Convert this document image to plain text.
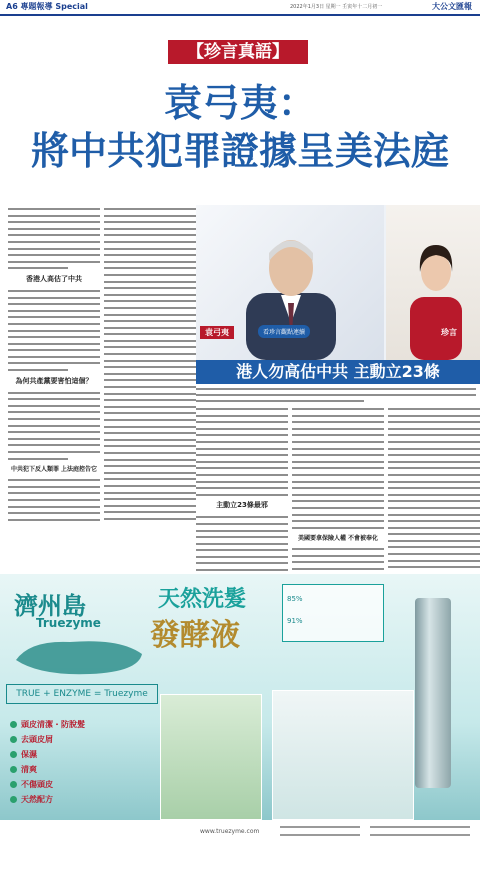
A6 專題報導 Special	2022年1月3日 星期一 壬寅年十二月初一	大公文匯報
【珍言真語】
袁弓夷：
將中共犯罪證據呈美法庭
香港人高估了中共
為何共產黨要害怕這個？
中共犯下反人類罪 上法庭控告它
袁弓夷	看珍言觀點連續	珍言
港人勿高估中共 主動立23條
主動立23條最邪
美國要拿保險人權 不會被奉化
濟州島
Truezyme
天然洗髮
發酵液
TRUE + ENZYME = Truezyme
頭皮清潔・防脫髮
去頭皮屑
保濕
清爽
不傷頭皮
天然配方
85%
91%
www.truezyme.com
